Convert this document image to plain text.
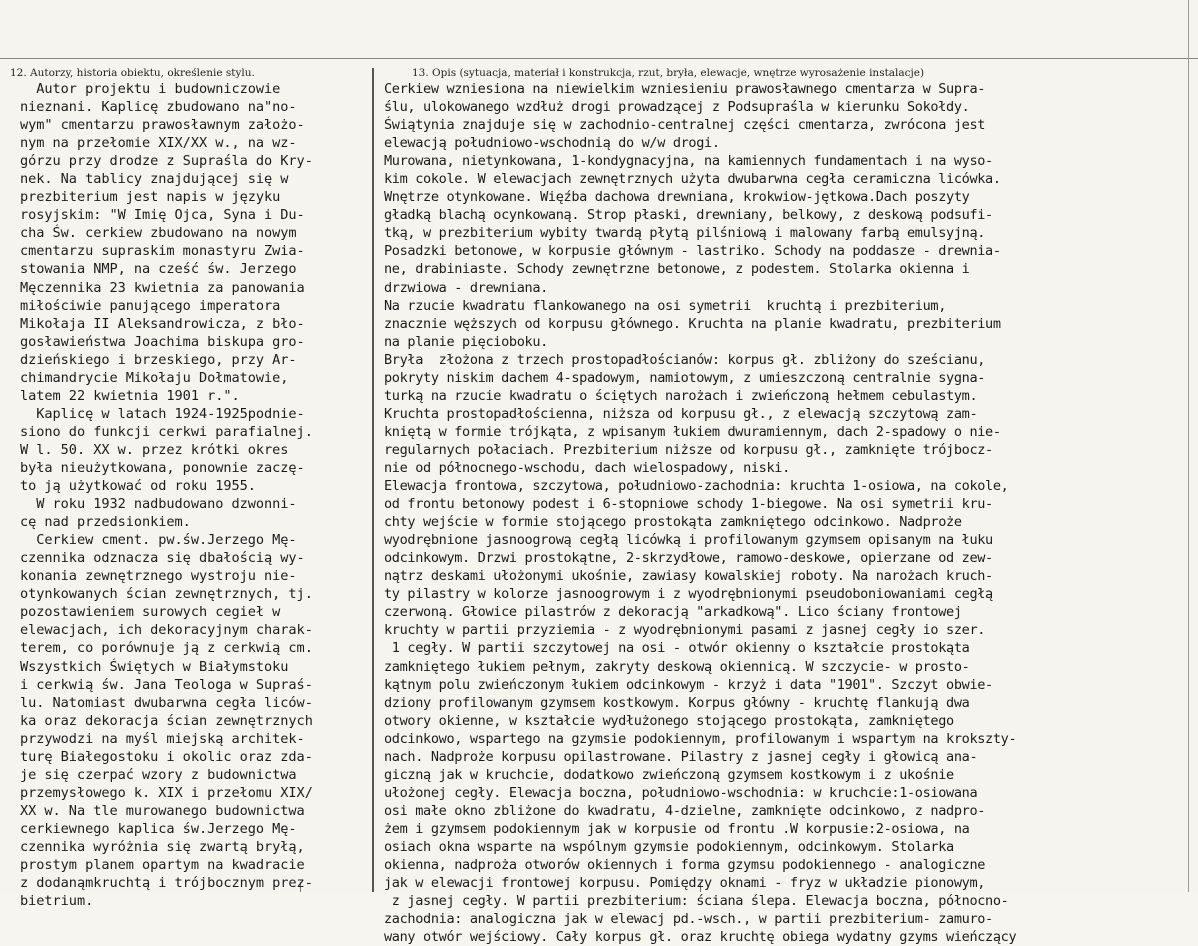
12. Autorzy, historia obiektu, określenie stylu.	13. Opis (sytuacja, materiał i konstrukcja, rzut, bryła, elewacje, wnętrze wyrosażenie instalacje)
Autor projektu i budowniczowie
nieznani. Kaplicę zbudowano na"no-
wym" cmentarzu prawosławnym założo-
nym na przełomie XIX/XX w., na wz-
górzu przy drodze z Supraśla do Kry-
nek. Na tablicy znajdującej się w
prezbiterium jest napis w języku
rosyjskim: "W Imię Ojca, Syna i Du-
cha Św. cerkiew zbudowano na nowym
cmentarzu supraskim monastyru Zwia-
stowania NMP, na cześć św. Jerzego
Męczennika 23 kwietnia za panowania
miłościwie panującego imperatora
Mikołaja II Aleksandrowicza, z bło-
gosławieństwa Joachima biskupa gro-
dzieńskiego i brzeskiego, przy Ar-
chimandrycie Mikołaju Dołmatowie,
latem 22 kwietnia 1901 r.".
Kaplicę w latach 1924-1925podnie-
siono do funkcji cerkwi parafialnej.
W l. 50. XX w. przez krótki okres
była nieużytkowana, ponownie zaczę-
to ją użytkować od roku 1955.
W roku 1932 nadbudowano dzwonni-
cę nad przedsionkiem.
Cerkiew cment. pw.św.Jerzego Mę-
czennika odznacza się dbałością wy-
konania zewnętrznego wystroju nie-
otynkowanych ścian zewnętrznych, tj.
pozostawieniem surowych cegieł w
elewacjach, ich dekoracyjnym charak-
terem, co porównuje ją z cerkwią cm.
Wszystkich Świętych w Białymstoku
i cerkwią św. Jana Teologa w Supraś-
lu. Natomiast dwubarwna cegła liców-
ka oraz dekoracja ścian zewnętrznych
przywodzi na myśl miejską architek-
turę Białegostoku i okolic oraz zda-
je się czerpać wzory z budownictwa
przemysłowego k. XIX i przełomu XIX/
XX w. Na tle murowanego budownictwa
cerkiewnego kaplica św.Jerzego Mę-
czennika wyróżnia się zwartą bryłą,
prostym planem opartym na kwadracie
z dodanąmkruchtą i trójbocznym prez-
bietrium.
Cerkiew wzniesiona na niewielkim wzniesieniu prawosławnego cmentarza w Supra-
ślu, ulokowanego wzdłuż drogi prowadzącej z Podsupraśla w kierunku Sokołdy.
Świątynia znajduje się w zachodnio-centralnej części cmentarza, zwrócona jest
elewacją południowo-wschodnią do w/w drogi.
Murowana, nietynkowana, 1-kondygnacyjna, na kamiennych fundamentach i na wyso-
kim cokole. W elewacjach zewnętrznych użyta dwubarwna cegła ceramiczna licówka.
Wnętrze otynkowane. Więźba dachowa drewniana, krokwiow-jętkowa.Dach poszyty
gładką blachą ocynkowaną. Strop płaski, drewniany, belkowy, z deskową podsufi-
tką, w prezbiterium wybity twardą płytą pilśniową i malowany farbą emulsyjną.
Posadzki betonowe, w korpusie głównym - lastriko. Schody na poddasze - drewnia-
ne, drabiniaste. Schody zewnętrzne betonowe, z podestem. Stolarka okienna i
drzwiowa - drewniana.
Na rzucie kwadratu flankowanego na osi symetrii  kruchtą i prezbiterium,
znacznie węższych od korpusu głównego. Kruchta na planie kwadratu, prezbiterium
na planie pięcioboku.
Bryła  złożona z trzech prostopadłościanów: korpus gł. zbliżony do sześcianu,
pokryty niskim dachem 4-spadowym, namiotowym, z umieszczoną centralnie sygna-
turką na rzucie kwadratu o ściętych narożach i zwieńczoną hełmem cebulastym.
Kruchta prostopadłościenna, niższa od korpusu gł., z elewacją szczytową zam-
kniętą w formie trójkąta, z wpisanym łukiem dwuramiennym, dach 2-spadowy o nie-
regularnych połaciach. Prezbiterium niższe od korpusu gł., zamknięte trójbocz-
nie od północnego-wschodu, dach wielospadowy, niski.
Elewacja frontowa, szczytowa, południowo-zachodnia: kruchta 1-osiowa, na cokole,
od frontu betonowy podest i 6-stopniowe schody 1-biegowe. Na osi symetrii kru-
chty wejście w formie stojącego prostokąta zamkniętego odcinkowo. Nadproże
wyodrębnione jasnoogrową cegłą licówką i profilowanym gzymsem opisanym na łuku
odcinkowym. Drzwi prostokątne, 2-skrzydłowe, ramowo-deskowe, opierzane od zew-
nątrz deskami ułożonymi ukośnie, zawiasy kowalskiej roboty. Na narożach kruch-
ty pilastry w kolorze jasnoogrowym i z wyodrębnionymi pseudoboniowaniami cegłą
czerwoną. Głowice pilastrów z dekoracją "arkadkową". Lico ściany frontowej
kruchty w partii przyziemia - z wyodrębnionymi pasami z jasnej cegły io szer.
1 cegły. W partii szczytowej na osi - otwór okienny o kształcie prostokąta
zamkniętego łukiem pełnym, zakryty deskową okiennicą. W szczycie- w prosto-
kątnym polu zwieńczonym łukiem odcinkowym - krzyż i data "1901". Szczyt obwie-
dziony profilowanym gzymsem kostkowym. Korpus główny - kruchtę flankują dwa
otwory okienne, w kształcie wydłużonego stojącego prostokąta, zamkniętego
odcinkowo, wspartego na gzymsie podokiennym, profilowanym i wspartym na krokszty-
nach. Nadproże korpusu opilastrowane. Pilastry z jasnej cegły i głowicą ana-
giczną jak w kruchcie, dodatkowo zwieńczoną gzymsem kostkowym i z ukośnie
ułożonej cegły. Elewacja boczna, południowo-wschodnia: w kruchcie:1-osiowana
osi małe okno zbliżone do kwadratu, 4-dzielne, zamknięte odcinkowo, z nadpro-
żem i gzymsem podokiennym jak w korpusie od frontu .W korpusie:2-osiowa, na
osiach okna wsparte na wspólnym gzymsie podokiennym, odcinkowym. Stolarka
okienna, nadproża otworów okiennych i forma gzymsu podokiennego - analogiczne
jak w elewacji frontowej korpusu. Pomiędzy oknami - fryz w układzie pionowym,
z jasnej cegły. W partii prezbiterium: ściana ślepa. Elewacja boczna, północno-
zachodnia: analogiczna jak w elewacj pd.-wsch., w partii prezbiterium- zamuro-
wany otwór wejściowy. Cały korpus gł. oraz kruchtę obiega wydatny gzyms wieńczący
